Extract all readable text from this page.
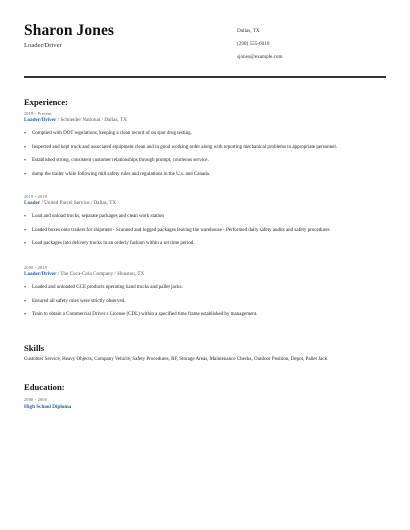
Sharon Jones
Loader/Driver
Dallas, TX
(290) 555-6010
sjones@example.com
Experience:
2019 - Present
Loader/Driver / Schneider National / Dallas, TX
• Complied with DOT regulations, keeping a clean record of on spot drug testing.
• Inspected and kept truck and associated equipment clean and in good working order along with reporting mechanical problems to appropriate personnel.
• Established strong, consistent customer relationships through prompt, courteous service.
• dump the trailer while following mill safety rules and regulations in the U.s. and Canada.
2019 - 2019
Loader / United Parcel Service / Dallas, TX
• Load and unload trucks, separate packages and clean work station
• Loaded boxes onto trailers for shipment - Scanned and logged packages leaving the warehouse - Performed daily safety audits and safety procedures
• Load packages into delivery trucks in an orderly fashion within a set time period.
2000 - 2019
Loader/Driver / The Coca-Cola Company / Houston, TX
• Loaded and unloaded CCE products operating hand trucks and pallet jacks.
• Ensured all safety rules were strictly observed.
• Train to obtain a Commercial Driver s License (CDL) within a specified time frame established by management.
Skills
Customer Service, Heavy Objects, Company Vehicle, Safety Procedures, RF, Storage Areas, Maintenance Checks, Outdoor Position, Depot, Pallet Jack
Education:
2000 - 2000
High School Diploma
